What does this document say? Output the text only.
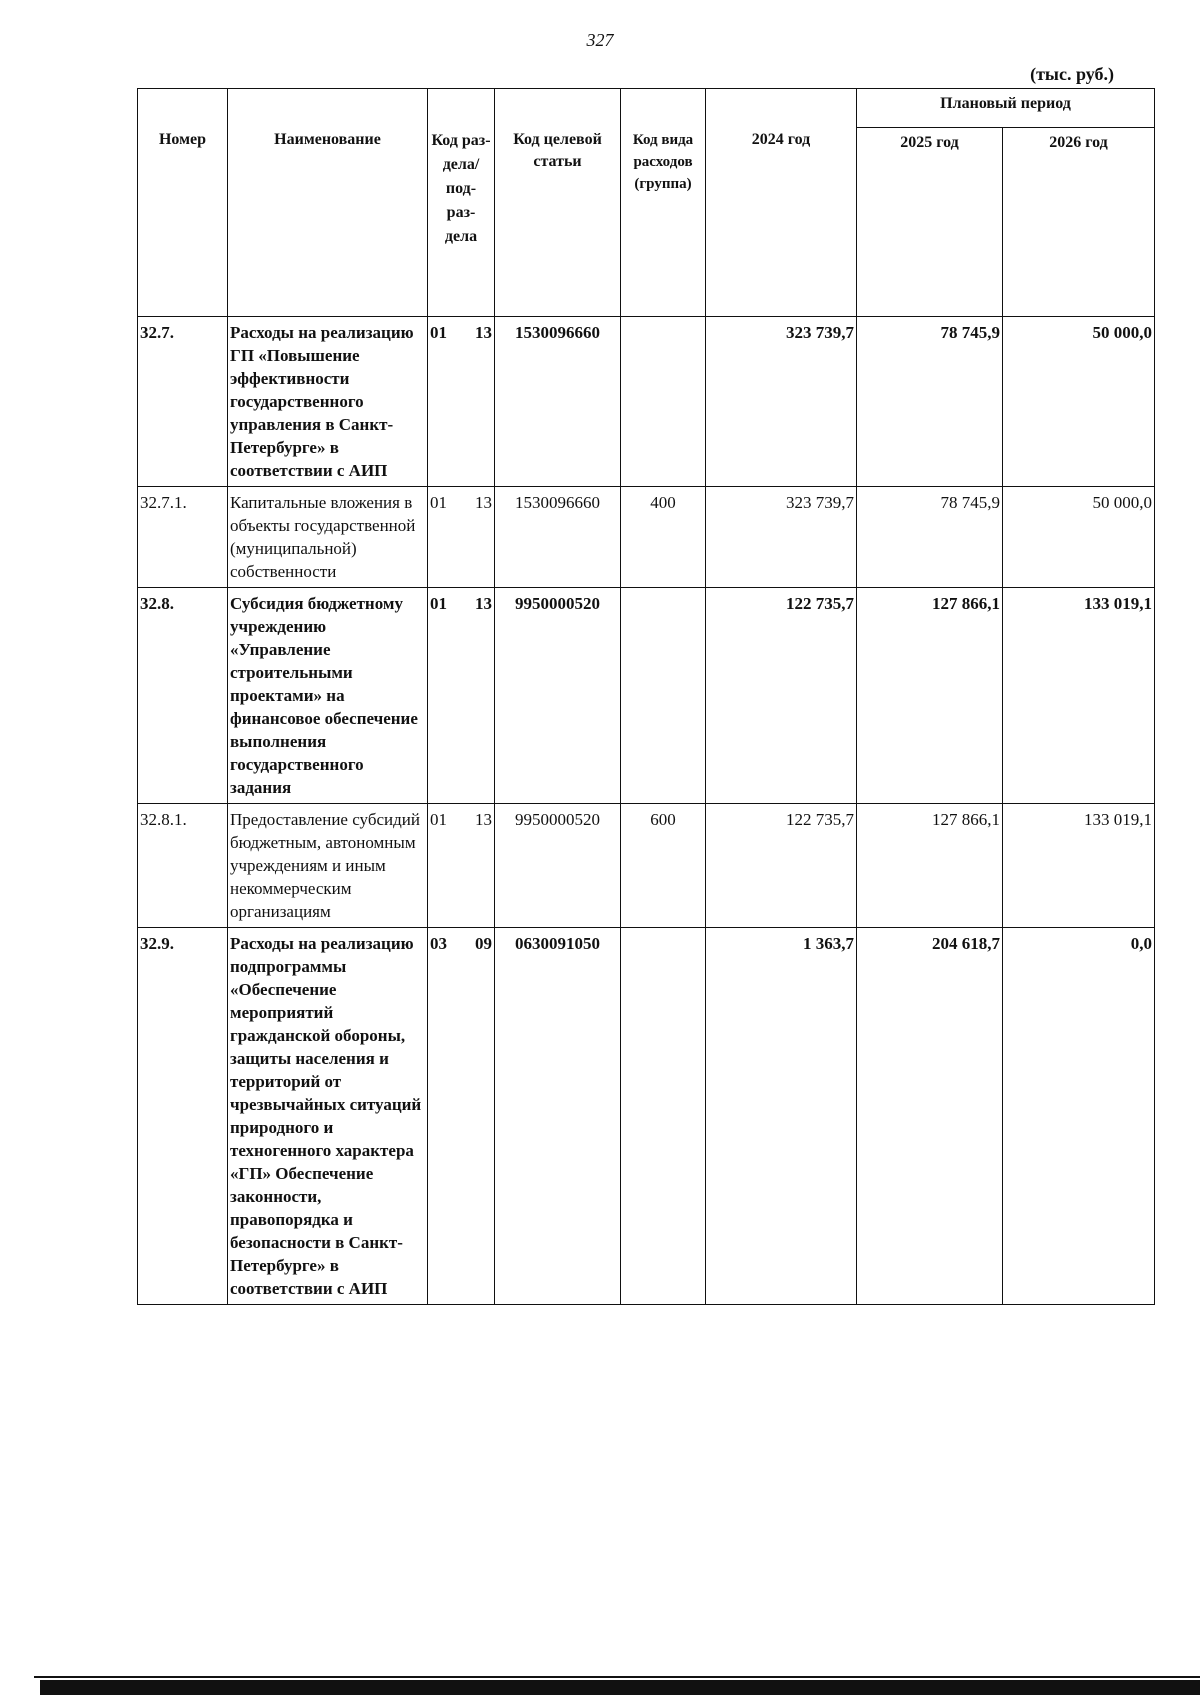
327
(тыс. руб.)
Номер	Наименование	Код раз- дела/ под- раз- дела	Код целевой статьи	Код вида расходов (группа)	2024 год	Плановый период	
						2025 год	2026 год
32.7.	Расходы на реализацию ГП «Повышение эффективности государственного управления в Санкт-Петербурге» в соответствии с АИП	01 13	1530096660		323 739,7	78 745,9	50 000,0
32.7.1.	Капитальные вложения в объекты государственной (муниципальной) собственности	01 13	1530096660	400	323 739,7	78 745,9	50 000,0
32.8.	Субсидия бюджетному учреждению «Управление строительными проектами» на финансовое обеспечение выполнения государственного задания	01 13	9950000520		122 735,7	127 866,1	133 019,1
32.8.1.	Предоставление субсидий бюджетным, автономным учреждениям и иным некоммерческим организациям	01 13	9950000520	600	122 735,7	127 866,1	133 019,1
32.9.	Расходы на реализацию подпрограммы «Обеспечение мероприятий гражданской обороны, защиты населения и территорий от чрезвычайных ситуаций природного и техногенного характера «ГП» Обеспечение законности, правопорядка и безопасности в Санкт-Петербурге» в соответствии с АИП	03 09	0630091050		1 363,7	204 618,7	0,0
